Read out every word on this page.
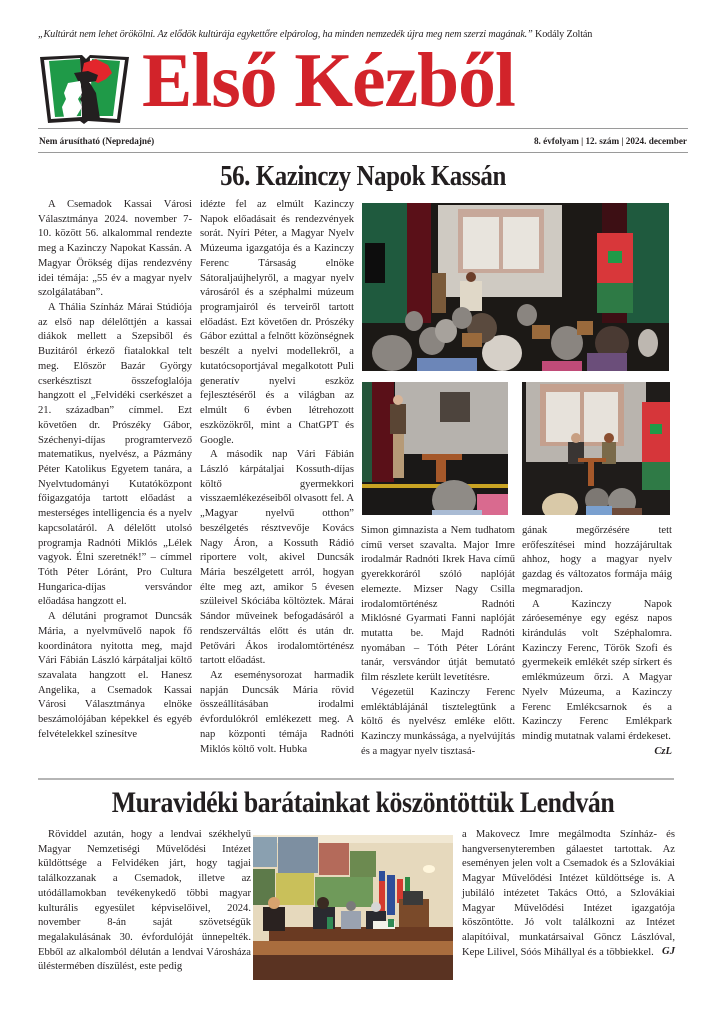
„Kultúrát nem lehet örökölni. Az elődök kultúrája egykettőre elpárolog, ha minden nemzedék újra meg nem szerzi magának.” Kodály Zoltán
Első Kézből
Nem árusítható (Nepredajné)	8. évfolyam | 12. szám | 2024. december
56. Kazinczy Napok Kassán

A Csemadok Kassai Városi Választmánya 2024. november 7-10. között 56. alkalommal rendezte meg a Kazinczy Napokat Kassán. A Magyar Örökség díjas rendezvény idei témája: „55 év a magyar nyelv szolgálatában”.

A Thália Színház Márai Stúdiója az első nap délelőttjén a kassai diákok mellett a Szepsiből és Buzitáról érkező fiatalokkal telt meg. Először Bazár György cserkésztiszt összefoglalója hangzott el „Felvidéki cserkészet a 21. században” címmel. Ezt követően dr. Prószéky Gábor, Széchenyi-díjas programtervező matematikus, nyelvész, a Pázmány Péter Katolikus Egyetem tanára, a Nyelvtudományi Kutatóközpont főigazgatója tartott előadást a mesterséges intelligencia és a nyelv kapcsolatáról. A délelőtt utolsó programja Radnóti Miklós „Lélek vagyok. Élni szeretnék!” – címmel Tóth Péter Lóránt, Pro Cultura Hungarica-díjas versvándor előadása hangzott el.

A délutáni programot Duncsák Mária, a nyelvművelő napok fő koordinátora nyitotta meg, majd Vári Fábián László kárpátaljai költő szavalata hangzott el. Hanesz Angelika, a Csemadok Kassai Városi Választmánya elnöke beszámolójában képekkel és egyéb felvételekkel színesítve

idézte fel az elmúlt Kazinczy Napok előadásait és rendezvények sorát. Nyíri Péter, a Magyar Nyelv Múzeuma igazgatója és a Kazinczy Ferenc Társaság elnöke Sátoraljaújhelyről, a magyar nyelv városáról és a széphalmi múzeum programjairól és terveiről tartott előadást. Ezt követően dr. Prószéky Gábor ezúttal a felnőtt közönségnek beszélt a nyelvi modellekről, a kutatócsoportjával megalkotott Puli generatív nyelvi eszköz fejlesztéséről és a világban az elmúlt 6 évben létrehozott eszközökről, mint a ChatGPT és Google.

A második nap Vári Fábián László kárpátaljai Kossuth-díjas költő gyermekkori visszaemlékezéseiből olvasott fel. A „Magyar nyelvű otthon” beszélgetés résztvevője Kovács Nagy Áron, a Kossuth Rádió riportere volt, akivel Duncsák Mária beszélgetett arról, hogyan élte meg azt, amikor 5 évesen szüleivel Skóciába költöztek. Márai Sándor műveinek befogadásáról a rendszerváltás előtt és után dr. Petővári Ákos irodalomtörténész tartott előadást.

Az eseménysorozat harmadik napján Duncsák Mária rövid összeállításában irodalmi évfordulókról emlékezett meg. A nap központi témája Radnóti Miklós költő volt. Hubka

Simon gimnazista a Nem tudhatom című verset szavalta. Major Imre irodalmár Radnóti Ikrek Hava című gyerekkoráról szóló naplóját elemezte. Mizser Nagy Csilla irodalomtörténész Radnóti Miklósné Gyarmati Fanni naplóját mutatta be. Majd Radnóti nyomában – Tóth Péter Lóránt tanár, versvándor útját bemutató film részlete került levetítésre.

Végezetül Kazinczy Ferenc emléktáblájánál tisztelegtünk a költő és nyelvész emléke előtt. Kazinczy munkássága, a nyelvújítás és a magyar nyelv tisztasá-

gának megőrzésére tett erőfeszítései mind hozzájárultak ahhoz, hogy a magyar nyelv gazdag és változatos formája máig megmaradjon.

A Kazinczy Napok záróeseménye egy egész napos kirándulás volt Széphalomra. Kazinczy Ferenc, Török Szofi és gyermekeik emlékét szép sírkert és emlékmúzeum őrzi. A Magyar Nyelv Múzeuma, a Kazinczy Ferenc Emlékcsarnok és a Kazinczy Ferenc Emlékpark mindig mutatnak valami érdekeset.

CzL
Muravidéki barátainkat köszöntöttük Lendván

Röviddel azután, hogy a lendvai székhelyű Magyar Nemzetiségi Művelődési Intézet küldöttsége a Felvidéken járt, hogy tagjai találkozzanak a Csemadok, illetve az utódállamokban tevékenykedő többi magyar kulturális egyesület képviselőivel, 2024. november 8-án saját szövetségük megalakulásának 30. évfordulóját ünnepelték. Ebből az alkalomból délután a lendvai Városháza üléstermében díszülést, este pedig

a Makovecz Imre megálmodta Színház- és hangversenyteremben gálaestet tartottak. Az eseményen jelen volt a Csemadok és a Szlovákiai Magyar Művelődési Intézet küldöttsége is. A jubiláló intézetet Takács Ottó, a Szlovákiai Magyar Művelődési Intézet igazgatója köszöntötte. Jó volt találkozni az Intézet alapítóival, munkatársaival Göncz Lászlóval, Kepe Lilivel, Sóós Mihállyal és a többiekkel. GJ
